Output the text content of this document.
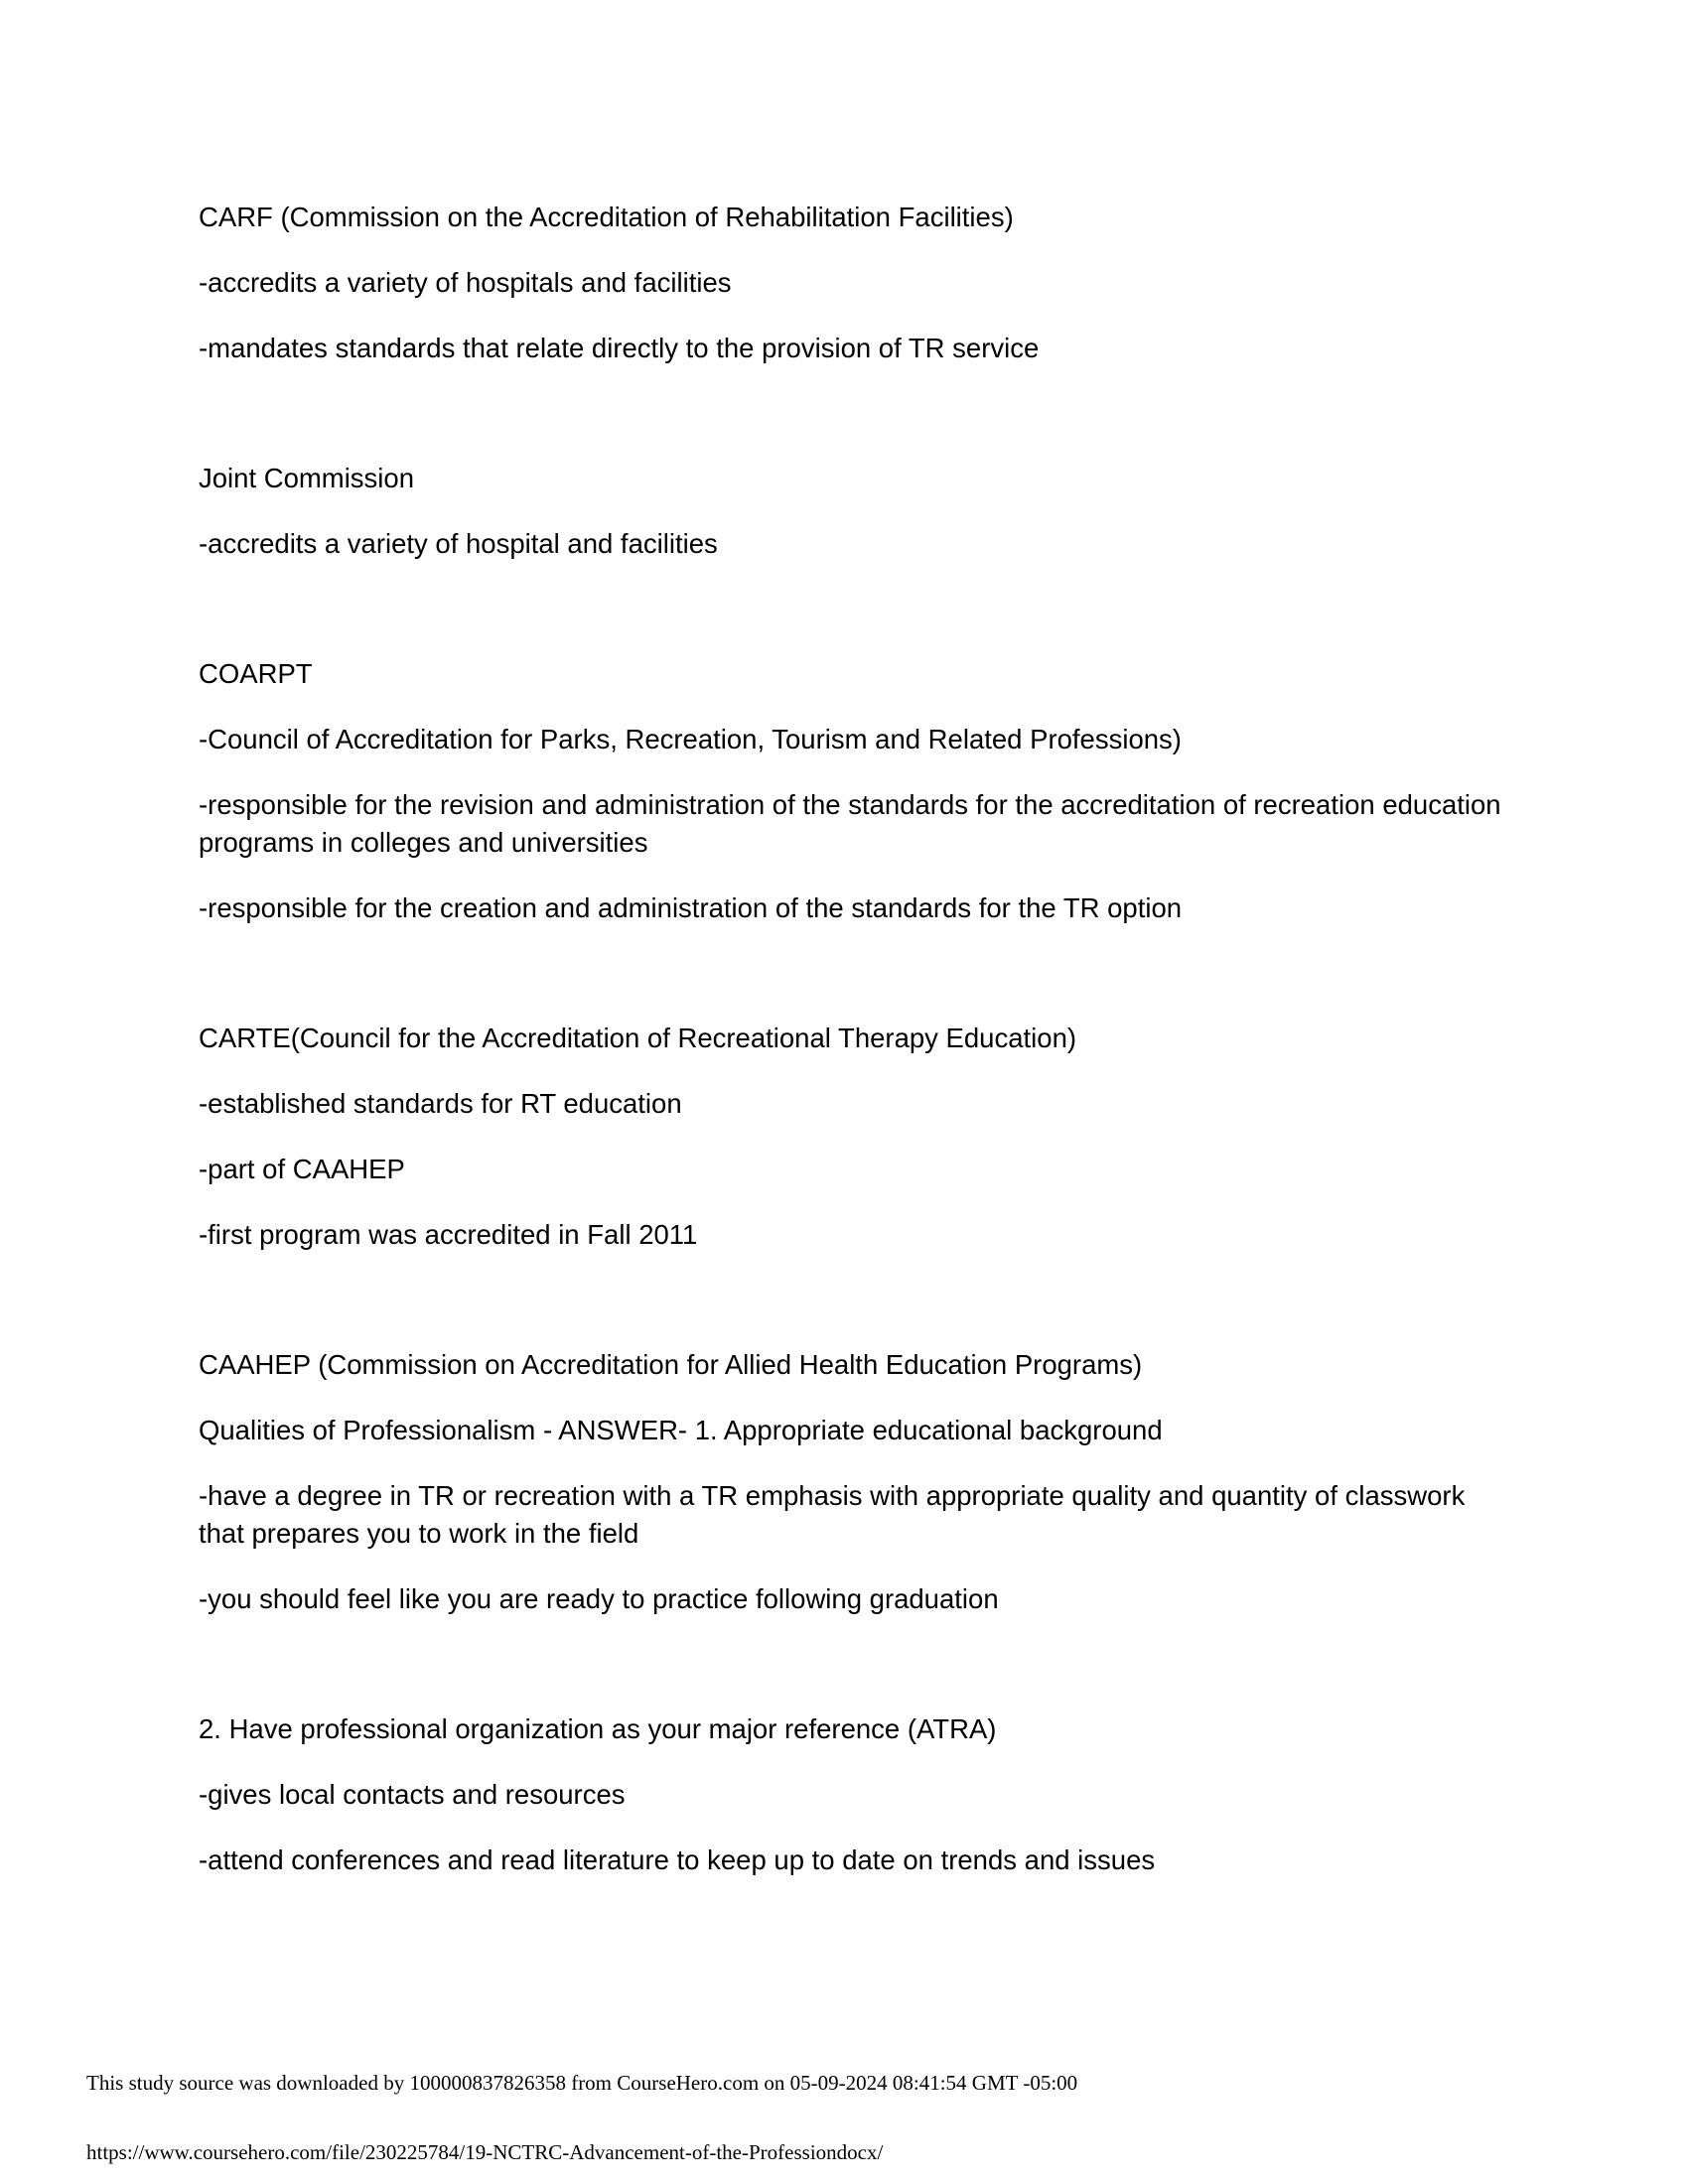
CARF (Commission on the Accreditation of Rehabilitation Facilities)
-accredits a variety of hospitals and facilities
-mandates standards that relate directly to the provision of TR service
Joint Commission
-accredits a variety of hospital and facilities
COARPT
-Council of Accreditation for Parks, Recreation, Tourism and Related Professions)
-responsible for the revision and administration of the standards for the accreditation of recreation education programs in colleges and universities
-responsible for the creation and administration of the standards for the TR option
CARTE(Council for the Accreditation of Recreational Therapy Education)
-established standards for RT education
-part of CAAHEP
-first program was accredited in Fall 2011
CAAHEP (Commission on Accreditation for Allied Health Education Programs)
Qualities of Professionalism - ANSWER- 1. Appropriate educational background
-have a degree in TR or recreation with a TR emphasis with appropriate quality and quantity of classwork that prepares you to work in the field
-you should feel like you are ready to practice following graduation
2. Have professional organization as your major reference (ATRA)
-gives local contacts and resources
-attend conferences and read literature to keep up to date on trends and issues
This study source was downloaded by 100000837826358 from CourseHero.com on 05-09-2024 08:41:54 GMT -05:00
https://www.coursehero.com/file/230225784/19-NCTRC-Advancement-of-the-Professiondocx/
